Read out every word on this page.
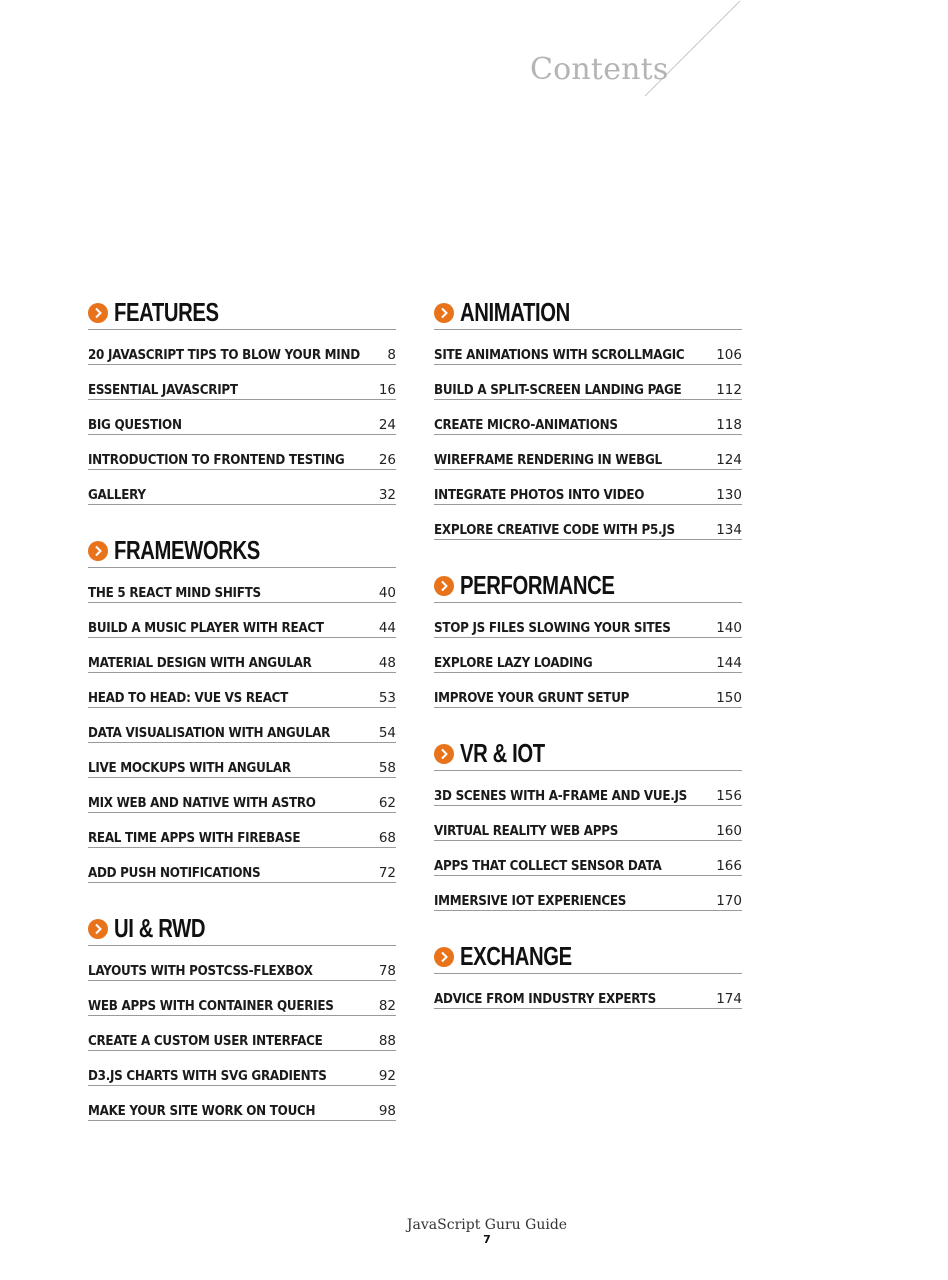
Contents
FEATURES
20 JAVASCRIPT TIPS TO BLOW YOUR MIND 8
ESSENTIAL JAVASCRIPT	16
BIG QUESTION	24
INTRODUCTION TO FRONTEND TESTING	26
GALLERY	32
FRAMEWORKS
THE 5 REACT MIND SHIFTS	40
BUILD A MUSIC PLAYER WITH REACT	44
MATERIAL DESIGN WITH ANGULAR	48
HEAD TO HEAD: VUE VS REACT	53
DATA VISUALISATION WITH ANGULAR	54
LIVE MOCKUPS WITH ANGULAR	58
MIX WEB AND NATIVE WITH ASTRO	62
REAL TIME APPS WITH FIREBASE	68
ADD PUSH NOTIFICATIONS	72
UI & RWD
LAYOUTS WITH POSTCSS-FLEXBOX	78
WEB APPS WITH CONTAINER QUERIES	82
CREATE A CUSTOM USER INTERFACE	88
D3.JS CHARTS WITH SVG GRADIENTS	92
MAKE YOUR SITE WORK ON TOUCH	98
ANIMATION
SITE ANIMATIONS WITH SCROLLMAGIC 106
BUILD A SPLIT-SCREEN LANDING PAGE	112
CREATE MICRO-ANIMATIONS	118
WIREFRAME RENDERING IN WEBGL	124
INTEGRATE PHOTOS INTO VIDEO	130
EXPLORE CREATIVE CODE WITH P5.JS	134
PERFORMANCE
STOP JS FILES SLOWING YOUR SITES	140
EXPLORE LAZY LOADING	144
IMPROVE YOUR GRUNT SETUP	150
VR & IOT
3D SCENES WITH A-FRAME AND VUE.JS 156
VIRTUAL REALITY WEB APPS	160
APPS THAT COLLECT SENSOR DATA	166
IMMERSIVE IOT EXPERIENCES	170
EXCHANGE
ADVICE FROM INDUSTRY EXPERTS	174
JavaScript Guru Guide
7
